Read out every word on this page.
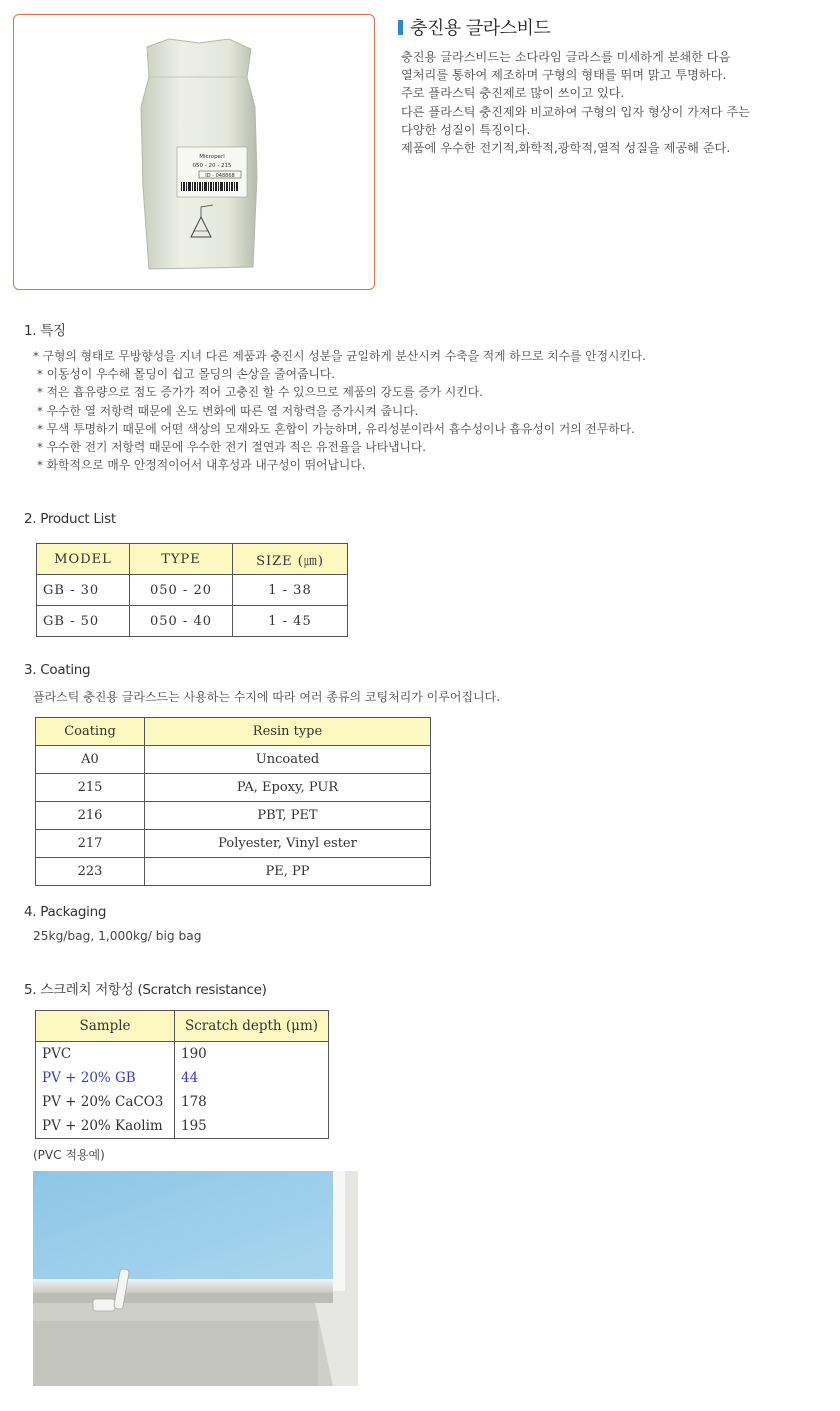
Microperl
050 - 20 - 215
ID - 048868
충진용 글라스비드
충진용 글라스비드는 소다라임 글라스를 미세하게 분쇄한 다음
열처리를 통하여 제조하며 구형의 형태를 뛰며 맑고 투명하다.
주로 플라스틱 충진제로 많이 쓰이고 있다.
다른 플라스틱 충진제와 비교하여 구형의 입자 형상이 가져다 주는
다양한 성질이 특징이다.
제품에 우수한 전기적,화학적,광학적,열적 성질을 제공해 준다.
1. 특징
* 구형의 형태로 무방향성을 지녀 다른 제품과 충진시 성분을 균일하게 분산시켜 수축을 적게 하므로 치수를 안정시킨다.
* 이동성이 우수해 몰딩이 쉽고 몰딩의 손상을 줄여줍니다.
* 적은 흡유량으로 점도 증가가 적어 고충진 할 수 있으므로 제품의 강도를 증가 시킨다.
* 우수한 열 저항력 때문에 온도 변화에 따른 열 저항력을 증가시켜 줍니다.
* 무색 투명하기 때문에 어떤 색상의 모재와도 혼합이 가능하며, 유리성분이라서 흡수성이나 흡유성이 거의 전무하다.
* 우수한 전기 저항력 때문에 우수한 전기 절연과 적은 유전율을 나타냅니다.
* 화학적으로 매우 안정적이어서 내후성과 내구성이 뛰어납니다.
2. Product List
MODEL	TYPE	SIZE (㎛)
GB - 30	050 - 20	1 - 38
GB - 50	050 - 40	1 - 45
3. Coating
플라스틱 충진용 글라스드는 사용하는 수지에 따라 여러 종류의 코팅처리가 이루어집니다.
Coating	Resin type
A0	Uncoated
215	PA, Epoxy, PUR
216	PBT, PET
217	Polyester, Vinyl ester
223	PE, PP
4. Packaging
25kg/bag, 1,000kg/ big bag
5. 스크레치 저항성 (Scratch resistance)
Sample	Scratch depth (μm)
PVC	190
PV + 20% GB	44
PV + 20% CaCO3	178
PV + 20% Kaolim	195
(PVC 적용예)
